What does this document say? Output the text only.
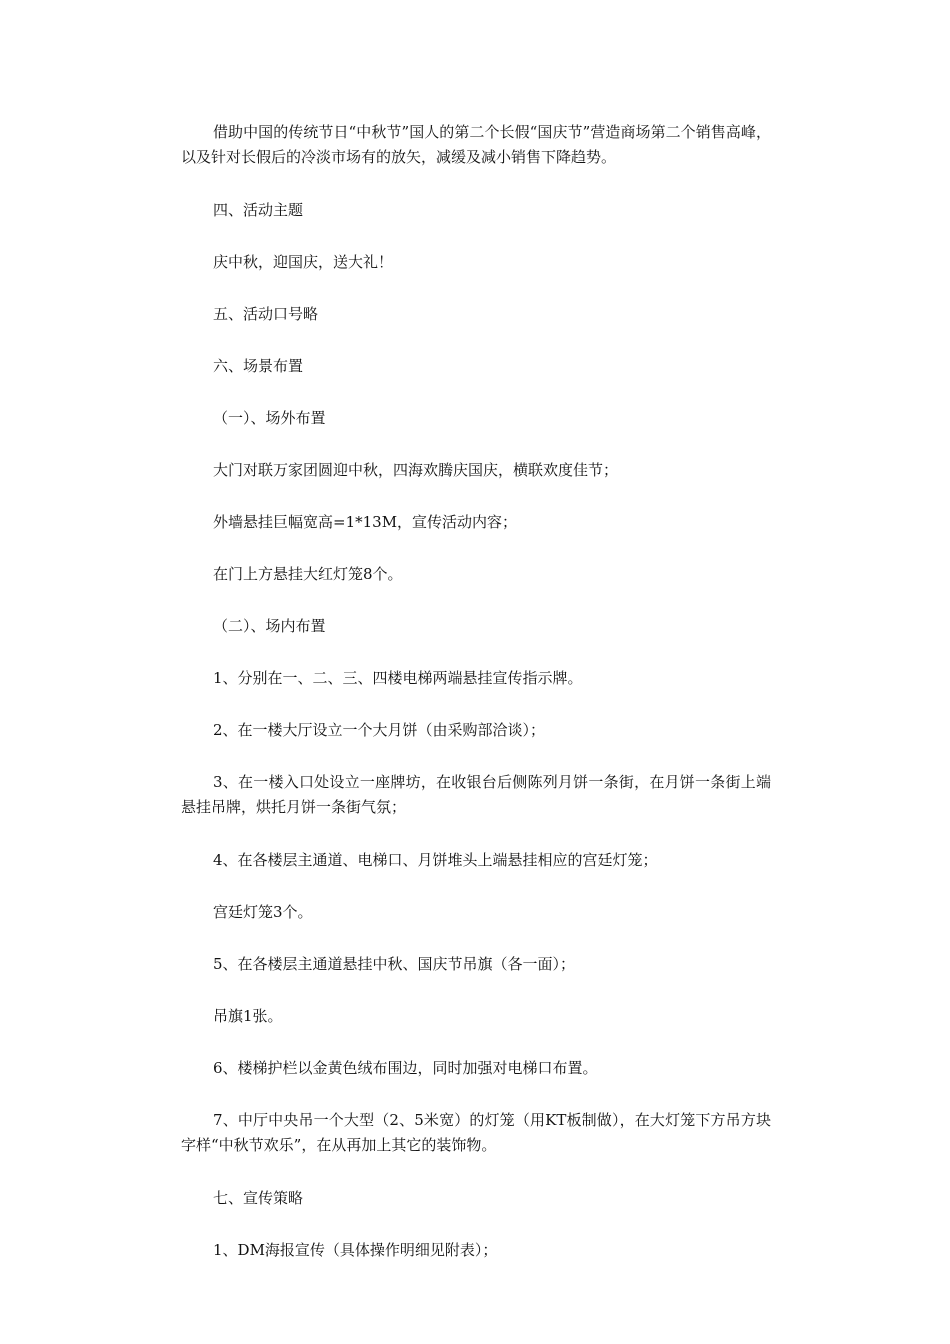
借助中国的传统节日“中秋节”国人的第二个长假“国庆节”营造商场第二个销售高峰，以及针对长假后的冷淡市场有的放矢，减缓及减小销售下降趋势。

四、活动主题

庆中秋，迎国庆，送大礼！

五、活动口号略

六、场景布置

（一）、场外布置

大门对联万家团圆迎中秋，四海欢腾庆国庆，横联欢度佳节；

外墙悬挂巨幅宽高=1*13M，宣传活动内容；

在门上方悬挂大红灯笼8个。

（二）、场内布置

1、分别在一、二、三、四楼电梯两端悬挂宣传指示牌。

2、在一楼大厅设立一个大月饼（由采购部洽谈）；

3、在一楼入口处设立一座牌坊，在收银台后侧陈列月饼一条街，在月饼一条街上端悬挂吊牌，烘托月饼一条街气氛；

4、在各楼层主通道、电梯口、月饼堆头上端悬挂相应的宫廷灯笼；

宫廷灯笼3个。

5、在各楼层主通道悬挂中秋、国庆节吊旗（各一面）；

吊旗1张。

6、楼梯护栏以金黄色绒布围边，同时加强对电梯口布置。

7、中厅中央吊一个大型（2、5米宽）的灯笼（用KT板制做），在大灯笼下方吊方块字样“中秋节欢乐”，在从再加上其它的装饰物。

七、宣传策略

1、DM海报宣传（具体操作明细见附表）；
